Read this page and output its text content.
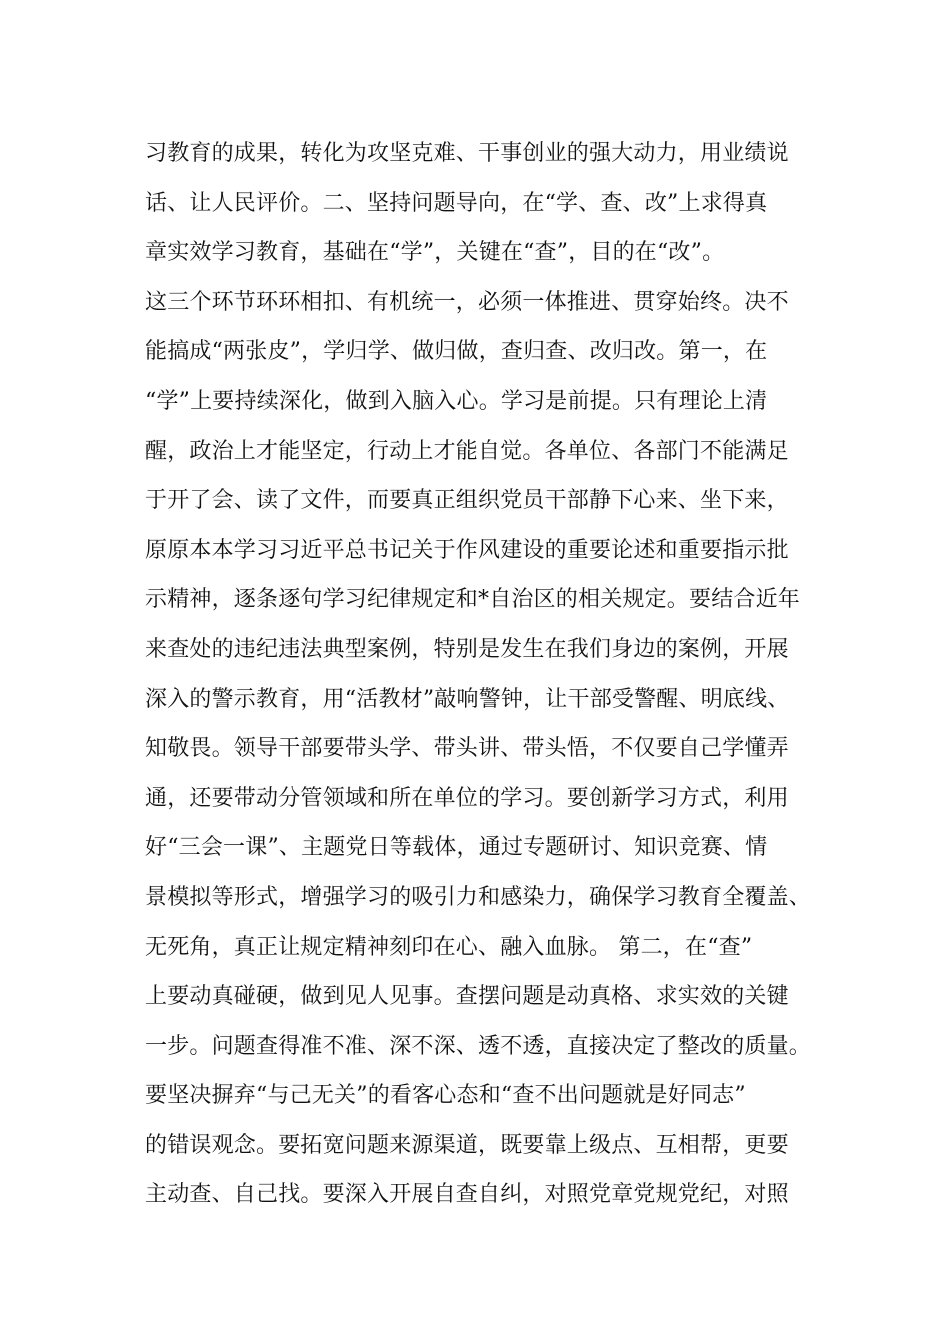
习教育的成果，转化为攻坚克难、干事创业的强大动力，用业绩说
话、让人民评价。二、坚持问题导向，在“学、查、改”上求得真
章实效学习教育，基础在“学”，关键在“查”，目的在“改”。
这三个环节环环相扣、有机统一，必须一体推进、贯穿始终。决不
能搞成“两张皮”，学归学、做归做，查归查、改归改。第一，在
“学”上要持续深化，做到入脑入心。学习是前提。只有理论上清
醒，政治上才能坚定，行动上才能自觉。各单位、各部门不能满足
于开了会、读了文件，而要真正组织党员干部静下心来、坐下来，
原原本本学习习近平总书记关于作风建设的重要论述和重要指示批
示精神，逐条逐句学习纪律规定和*自治区的相关规定。要结合近年
来查处的违纪违法典型案例，特别是发生在我们身边的案例，开展
深入的警示教育，用“活教材”敲响警钟，让干部受警醒、明底线、
知敬畏。领导干部要带头学、带头讲、带头悟，不仅要自己学懂弄
通，还要带动分管领域和所在单位的学习。要创新学习方式，利用
好“三会一课”、主题党日等载体，通过专题研讨、知识竞赛、情
景模拟等形式，增强学习的吸引力和感染力，确保学习教育全覆盖、
无死角，真正让规定精神刻印在心、融入血脉。 第二，在“查”
上要动真碰硬，做到见人见事。查摆问题是动真格、求实效的关键
一步。问题查得准不准、深不深、透不透，直接决定了整改的质量。
要坚决摒弃“与己无关”的看客心态和“查不出问题就是好同志”
的错误观念。要拓宽问题来源渠道，既要靠上级点、互相帮，更要
主动查、自己找。要深入开展自查自纠，对照党章党规党纪，对照
